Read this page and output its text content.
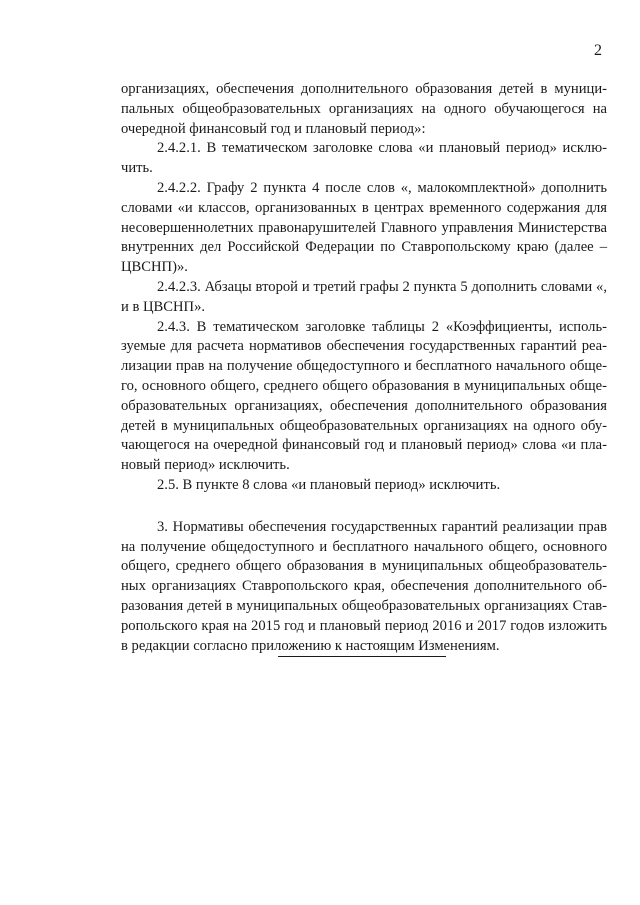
2

организациях, обеспечения дополнительного образования детей в муниципальных общеобразовательных организациях на одного обучающегося на очередной финансовый год и плановый период»:

2.4.2.1. В тематическом заголовке слова «и плановый период» исключить.

2.4.2.2. Графу 2 пункта 4 после слов «, малокомплектной» дополнить словами «и классов, организованных в центрах временного содержания для несовершеннолетних правонарушителей Главного управления Министерства внутренних дел Российской Федерации по Ставропольскому краю (далее – ЦВСНП)».

2.4.2.3. Абзацы второй и третий графы 2 пункта 5 дополнить словами «, и в ЦВСНП».

2.4.3. В тематическом заголовке таблицы 2 «Коэффициенты, используемые для расчета нормативов обеспечения государственных гарантий реализации прав на получение общедоступного и бесплатного начального общего, основного общего, среднего общего образования в муниципальных общеобразовательных организациях, обеспечения дополнительного образования детей в муниципальных общеобразовательных организациях на одного обучающегося на очередной финансовый год и плановый период» слова «и плановый период» исключить.

2.5. В пункте 8 слова «и плановый период» исключить.

3. Нормативы обеспечения государственных гарантий реализации прав на получение общедоступного и бесплатного начального общего, основного общего, среднего общего образования в муниципальных общеобразовательных организациях Ставропольского края, обеспечения дополнительного образования детей в муниципальных общеобразовательных организациях Ставропольского края на 2015 год и плановый период 2016 и 2017 годов изложить в редакции согласно приложению к настоящим Изменениям.
